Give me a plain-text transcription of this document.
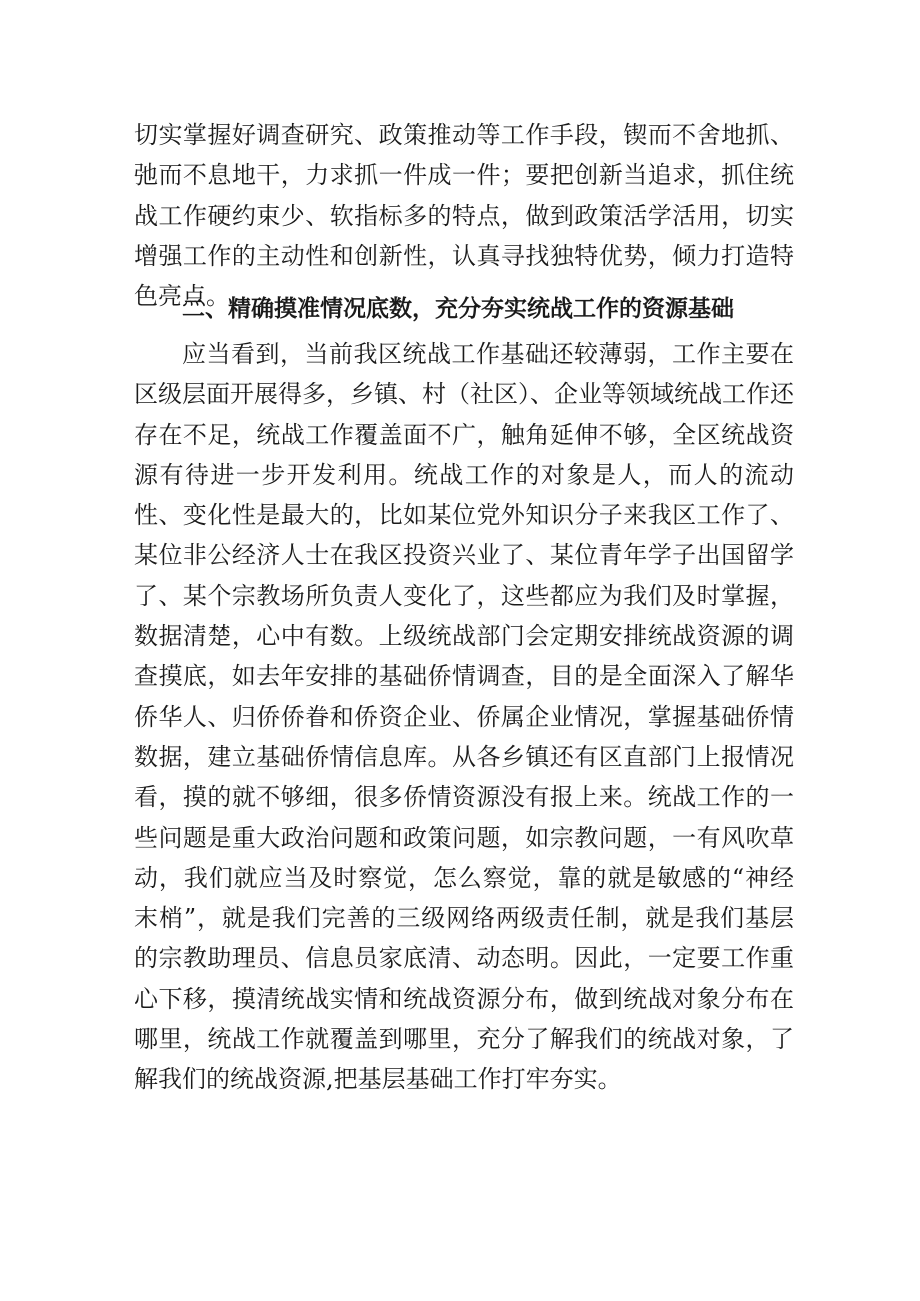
切实掌握好调查研究、政策推动等工作手段，锲而不舍地抓、弛而不息地干，力求抓一件成一件；要把创新当追求，抓住统战工作硬约束少、软指标多的特点，做到政策活学活用，切实增强工作的主动性和创新性，认真寻找独特优势，倾力打造特色亮点。

二、精确摸准情况底数，充分夯实统战工作的资源基础

应当看到，当前我区统战工作基础还较薄弱，工作主要在区级层面开展得多，乡镇、村（社区）、企业等领域统战工作还存在不足，统战工作覆盖面不广，触角延伸不够，全区统战资源有待进一步开发利用。统战工作的对象是人，而人的流动性、变化性是最大的，比如某位党外知识分子来我区工作了、某位非公经济人士在我区投资兴业了、某位青年学子出国留学了、某个宗教场所负责人变化了，这些都应为我们及时掌握，数据清楚，心中有数。上级统战部门会定期安排统战资源的调查摸底，如去年安排的基础侨情调查，目的是全面深入了解华侨华人、归侨侨眷和侨资企业、侨属企业情况，掌握基础侨情数据，建立基础侨情信息库。从各乡镇还有区直部门上报情况看，摸的就不够细，很多侨情资源没有报上来。统战工作的一些问题是重大政治问题和政策问题，如宗教问题，一有风吹草动，我们就应当及时察觉，怎么察觉，靠的就是敏感的“神经末梢”，就是我们完善的三级网络两级责任制，就是我们基层的宗教助理员、信息员家底清、动态明。因此，一定要工作重心下移，摸清统战实情和统战资源分布，做到统战对象分布在哪里，统战工作就覆盖到哪里，充分了解我们的统战对象，了解我们的统战资源,把基层基础工作打牢夯实。
